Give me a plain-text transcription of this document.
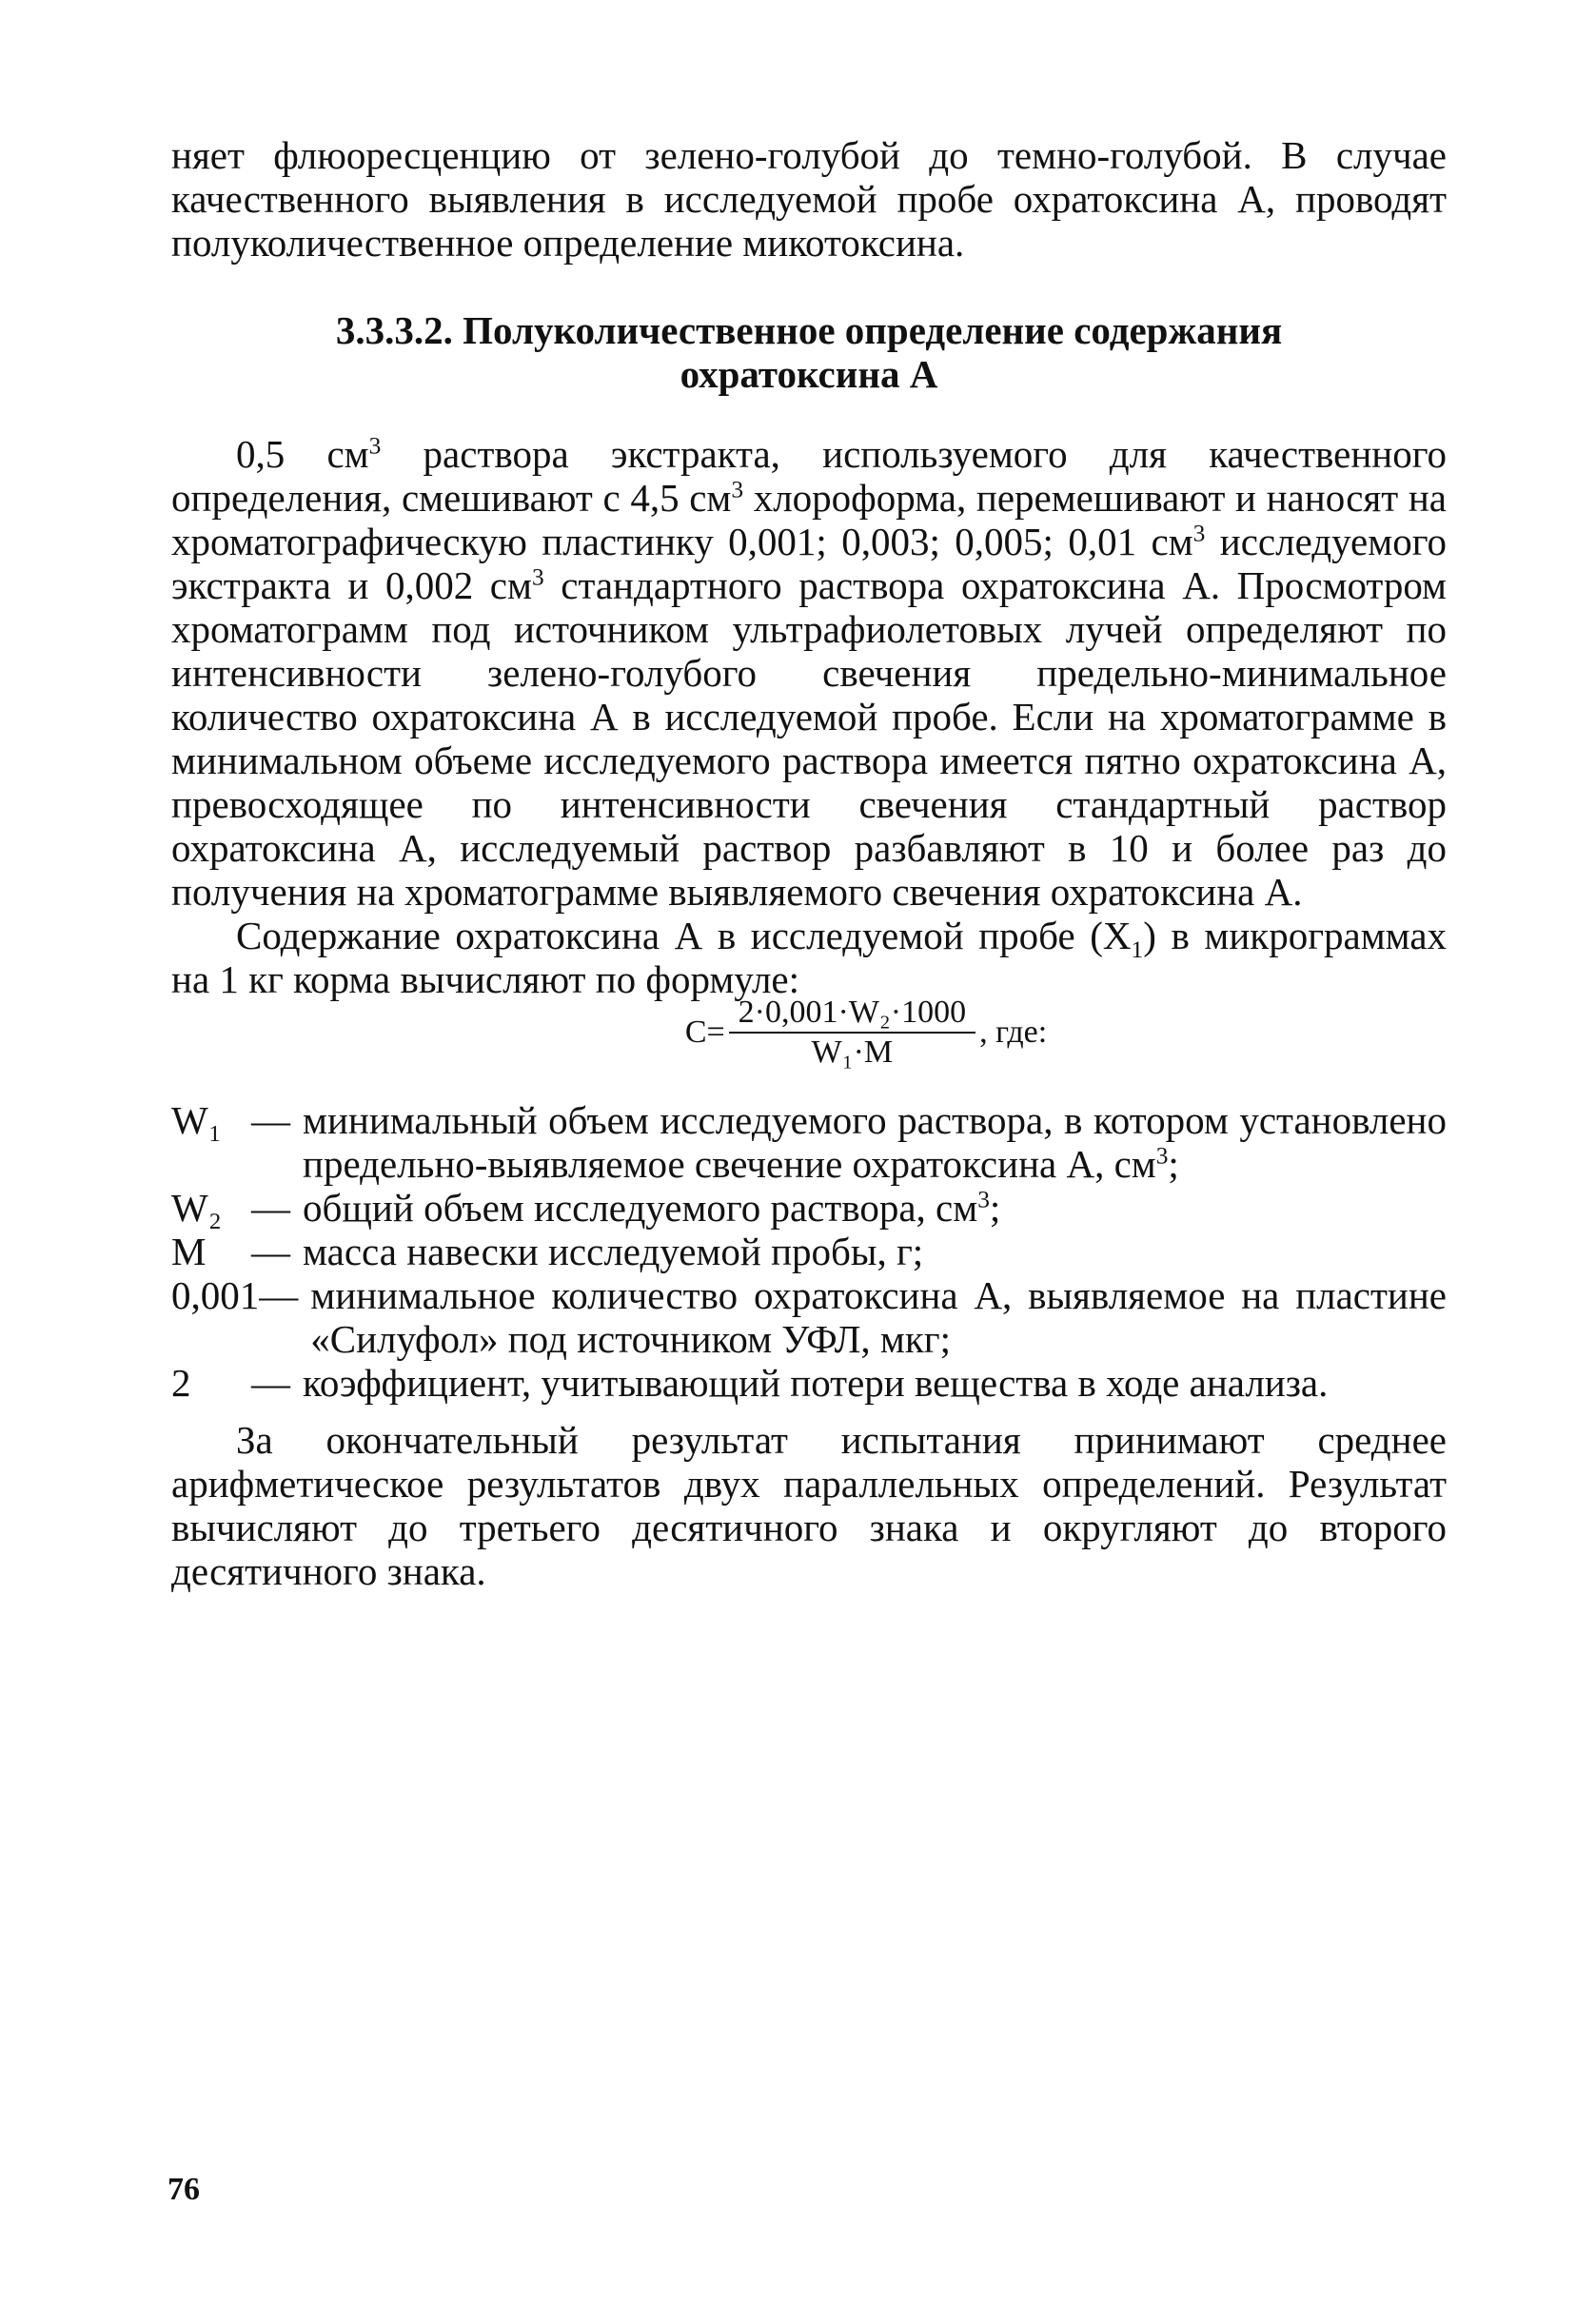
няет флюоресценцию от зелено-голубой до темно-голубой. В случае качественного выявления в исследуемой пробе охратоксина А, проводят полуколичественное определение микотоксина.

3.3.3.2. Полуколичественное определение содержания
охратоксина А

0,5 $см^3$ раствора экстракта, используемого для качественного определения, смешивают с 4,5 $см^3$ хлороформа, перемешивают и наносят на хроматографическую пластинку 0,001; 0,003; 0,005; 0,01 $см^3$ исследуемого экстракта и 0,002 $см^3$ стандартного раствора охратоксина А. Просмотром хроматограмм под источником ультрафиолетовых лучей определяют по интенсивности зелено-голубого свечения предельно-минимальное количество охратоксина А в исследуемой пробе. Если на хроматограмме в минимальном объеме исследуемого раствора имеется пятно охратоксина А, превосходящее по интенсивности свечения стандартный раствор охратоксина А, исследуемый раствор разбавляют в 10 и более раз до получения на хроматограмме выявляемого свечения охратоксина А.

Содержание охратоксина А в исследуемой пробе $(X_1)$ в микрограммах на 1 кг корма вычисляют по формуле:

$C= \frac{\text{2·0,001·W₂·1000}}{\text{W₁·M}}$ , где:
W₁ — минимальный объем исследуемого раствора, в котором установлено предельно-выявляемое свечение охратоксина А, $см^3$;
W₂ — общий объем исследуемого раствора, $см^3$;
M	— масса навески исследуемой пробы, г;
0,001 — минимальное количество охратоксина А, выявляемое на пластине «Силуфол» под источником УФЛ, мкг;
2	— коэффициент, учитывающий потери вещества в ходе анализа.

За окончательный результат испытания принимают среднее арифметическое результатов двух параллельных определений. Результат вычисляют до третьего десятичного знака и округляют до второго десятичного знака.

76
